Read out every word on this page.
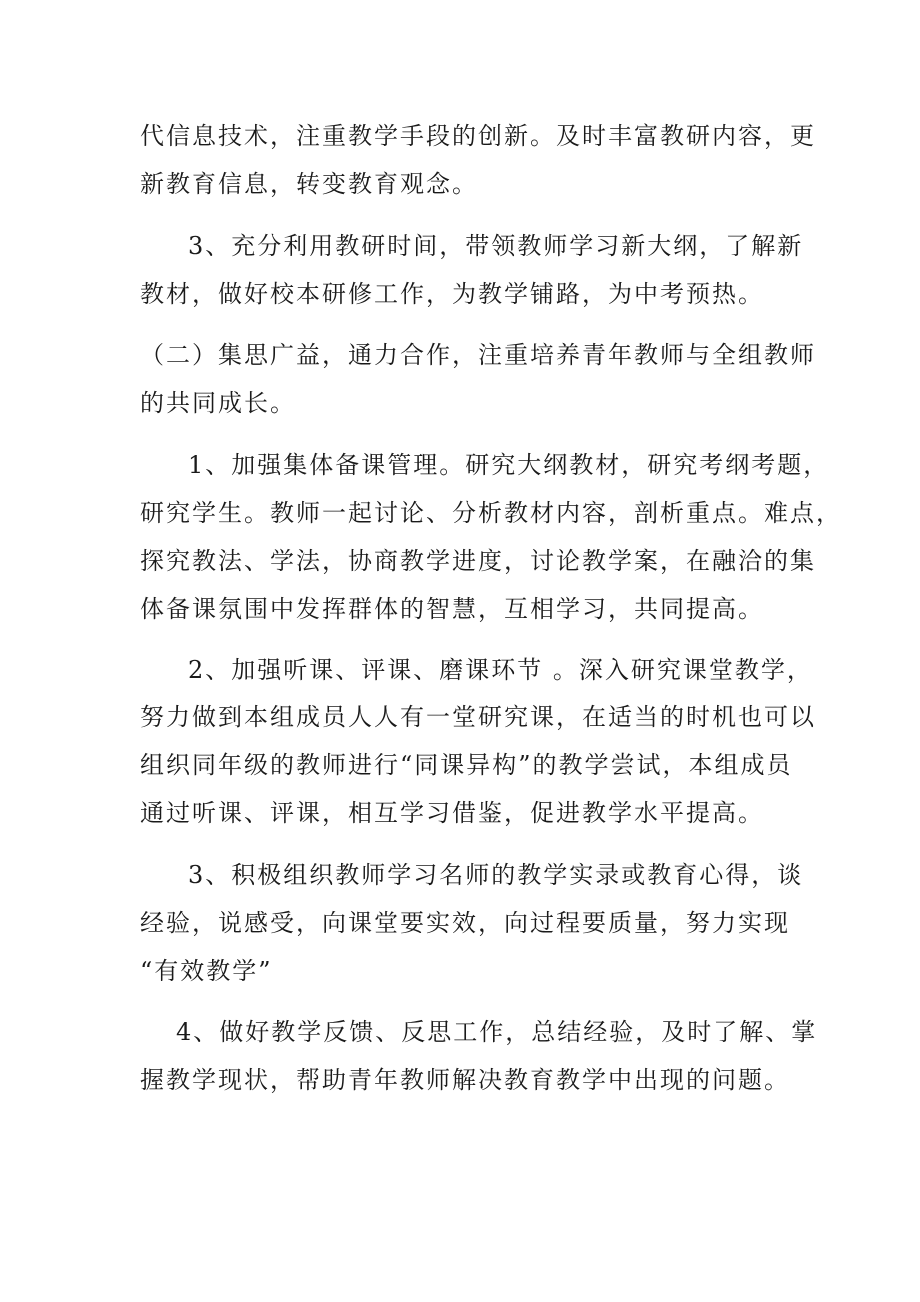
代信息技术，注重教学手段的创新。及时丰富教研内容，更
新教育信息，转变教育观念。
3、充分利用教研时间，带领教师学习新大纲，了解新
教材，做好校本研修工作，为教学铺路，为中考预热。
（二）集思广益，通力合作，注重培养青年教师与全组教师
的共同成长。
1、加强集体备课管理。研究大纲教材，研究考纲考题，
研究学生。教师一起讨论、分析教材内容，剖析重点。难点，
探究教法、学法，协商教学进度，讨论教学案，在融洽的集
体备课氛围中发挥群体的智慧，互相学习，共同提高。
2、加强听课、评课、磨课环节 。深入研究课堂教学，
努力做到本组成员人人有一堂研究课，在适当的时机也可以
组织同年级的教师进行“同课异构”的教学尝试，本组成员
通过听课、评课，相互学习借鉴，促进教学水平提高。
3、积极组织教师学习名师的教学实录或教育心得，谈
经验，说感受，向课堂要实效，向过程要质量，努力实现
“有效教学”
4、做好教学反馈、反思工作，总结经验，及时了解、掌
握教学现状，帮助青年教师解决教育教学中出现的问题。
